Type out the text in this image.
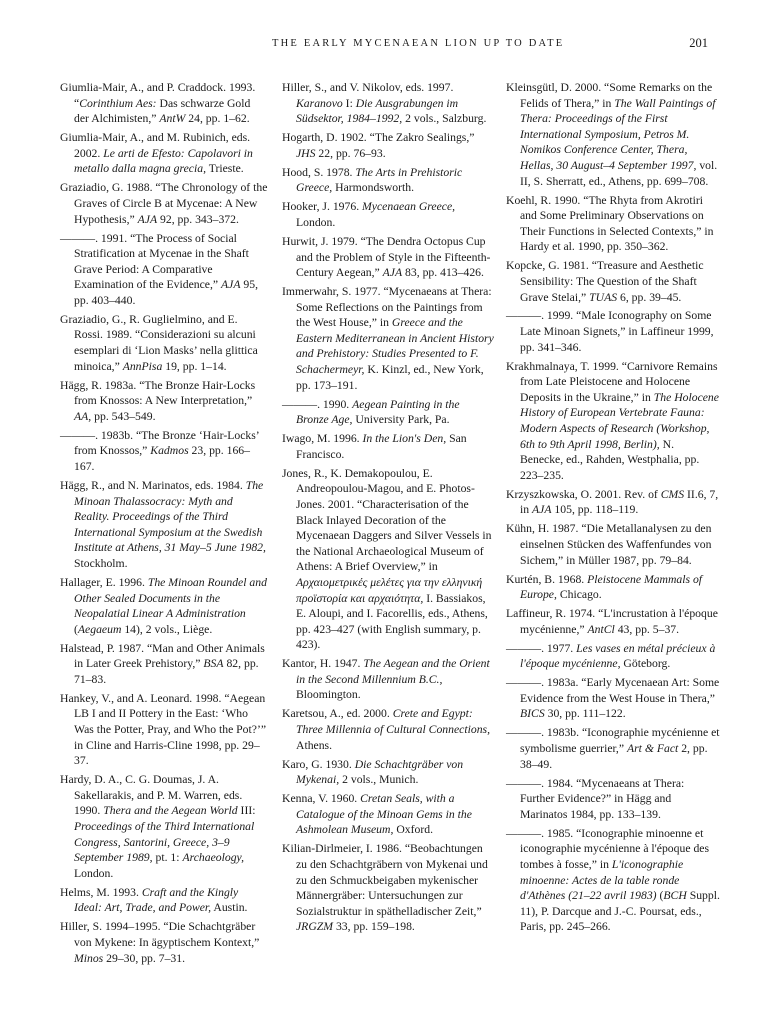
THE EARLY MYCENAEAN LION UP TO DATE	201

Giumlia-Mair, A., and P. Craddock. 1993. “Corinthium Aes: Das schwarze Gold der Alchimisten,” AntW 24, pp. 1–62.

Giumlia-Mair, A., and M. Rubinich, eds. 2002. Le arti de Efesto: Capolavori in metallo dalla magna grecia, Trieste.

Graziadio, G. 1988. “The Chronology of the Graves of Circle B at Mycenae: A New Hypothesis,” AJA 92, pp. 343–372.

———. 1991. “The Process of Social Stratification at Mycenae in the Shaft Grave Period: A Comparative Examination of the Evidence,” AJA 95, pp. 403–440.

Graziadio, G., R. Guglielmino, and E. Rossi. 1989. “Considerazioni su alcuni esemplari di ‘Lion Masks’ nella glittica minoica,” AnnPisa 19, pp. 1–14.

Hägg, R. 1983a. “The Bronze Hair-Locks from Knossos: A New Interpretation,” AA, pp. 543–549.

———. 1983b. “The Bronze ‘Hair-Locks’ from Knossos,” Kadmos 23, pp. 166–167.

Hägg, R., and N. Marinatos, eds. 1984. The Minoan Thalassocracy: Myth and Reality. Proceedings of the Third International Symposium at the Swedish Institute at Athens, 31 May–5 June 1982, Stockholm.

Hallager, E. 1996. The Minoan Roundel and Other Sealed Documents in the Neopalatial Linear A Administration (Aegaeum 14), 2 vols., Liège.

Halstead, P. 1987. “Man and Other Animals in Later Greek Prehistory,” BSA 82, pp. 71–83.

Hankey, V., and A. Leonard. 1998. “Aegean LB I and II Pottery in the East: ‘Who Was the Potter, Pray, and Who the Pot?’” in Cline and Harris-Cline 1998, pp. 29–37.

Hardy, D. A., C. G. Doumas, J. A. Sakellarakis, and P. M. Warren, eds. 1990. Thera and the Aegean World III: Proceedings of the Third International Congress, Santorini, Greece, 3–9 September 1989, pt. 1: Archaeology, London.

Helms, M. 1993. Craft and the Kingly Ideal: Art, Trade, and Power, Austin.

Hiller, S. 1994–1995. “Die Schachtgräber von Mykene: In ägyptischem Kontext,” Minos 29–30, pp. 7–31.

Hiller, S., and V. Nikolov, eds. 1997. Karanovo I: Die Ausgrabungen im Südsektor, 1984–1992, 2 vols., Salzburg.

Hogarth, D. 1902. “The Zakro Sealings,” JHS 22, pp. 76–93.

Hood, S. 1978. The Arts in Prehistoric Greece, Harmondsworth.

Hooker, J. 1976. Mycenaean Greece, London.

Hurwit, J. 1979. “The Dendra Octopus Cup and the Problem of Style in the Fifteenth-Century Aegean,” AJA 83, pp. 413–426.

Immerwahr, S. 1977. “Mycenaeans at Thera: Some Reflections on the Paintings from the West House,” in Greece and the Eastern Mediterranean in Ancient History and Prehistory: Studies Presented to F. Schachermeyr, K. Kinzl, ed., New York, pp. 173–191.

———. 1990. Aegean Painting in the Bronze Age, University Park, Pa.

Iwago, M. 1996. In the Lion's Den, San Francisco.

Jones, R., K. Demakopoulou, E. Andreopoulou-Magou, and E. Photos-Jones. 2001. “Characterisation of the Black Inlayed Decoration of the Mycenaean Daggers and Silver Vessels in the National Archaeological Museum of Athens: A Brief Overview,” in Αρχαιομετρικές μελέτες για την ελληνική προϊστορία και αρχαιότητα, I. Bassiakos, E. Aloupi, and I. Facorellis, eds., Athens, pp. 423–427 (with English summary, p. 423).

Kantor, H. 1947. The Aegean and the Orient in the Second Millennium B.C., Bloomington.

Karetsou, A., ed. 2000. Crete and Egypt: Three Millennia of Cultural Connections, Athens.

Karo, G. 1930. Die Schachtgräber von Mykenai, 2 vols., Munich.

Kenna, V. 1960. Cretan Seals, with a Catalogue of the Minoan Gems in the Ashmolean Museum, Oxford.

Kilian-Dirlmeier, I. 1986. “Beobachtungen zu den Schachtgräbern von Mykenai und zu den Schmuckbeigaben mykenischer Männergräber: Untersuchungen zur Sozialstruktur in späthelladischer Zeit,” JRGZM 33, pp. 159–198.

Kleinsgütl, D. 2000. “Some Remarks on the Felids of Thera,” in The Wall Paintings of Thera: Proceedings of the First International Symposium, Petros M. Nomikos Conference Center, Thera, Hellas, 30 August–4 September 1997, vol. II, S. Sherratt, ed., Athens, pp. 699–708.

Koehl, R. 1990. “The Rhyta from Akrotiri and Some Preliminary Observations on Their Functions in Selected Contexts,” in Hardy et al. 1990, pp. 350–362.

Kopcke, G. 1981. “Treasure and Aesthetic Sensibility: The Question of the Shaft Grave Stelai,” TUAS 6, pp. 39–45.

———. 1999. “Male Iconography on Some Late Minoan Signets,” in Laffineur 1999, pp. 341–346.

Krakhmalnaya, T. 1999. “Carnivore Remains from Late Pleistocene and Holocene Deposits in the Ukraine,” in The Holocene History of European Vertebrate Fauna: Modern Aspects of Research (Workshop, 6th to 9th April 1998, Berlin), N. Benecke, ed., Rahden, Westphalia, pp. 223–235.

Krzyszkowska, O. 2001. Rev. of CMS II.6, 7, in AJA 105, pp. 118–119.

Kühn, H. 1987. “Die Metallanalysen zu den einselnen Stücken des Waffenfundes von Sichem,” in Müller 1987, pp. 79–84.

Kurtén, B. 1968. Pleistocene Mammals of Europe, Chicago.

Laffineur, R. 1974. “L'incrustation à l'époque mycénienne,” AntCl 43, pp. 5–37.

———. 1977. Les vases en métal précieux à l'époque mycénienne, Göteborg.

———. 1983a. “Early Mycenaean Art: Some Evidence from the West House in Thera,” BICS 30, pp. 111–122.

———. 1983b. “Iconographie mycénienne et symbolisme guerrier,” Art & Fact 2, pp. 38–49.

———. 1984. “Mycenaeans at Thera: Further Evidence?” in Hägg and Marinatos 1984, pp. 133–139.

———. 1985. “Iconographie minoenne et iconographie mycénienne à l'époque des tombes à fosse,” in L'iconographie minoenne: Actes de la table ronde d'Athènes (21–22 avril 1983) (BCH Suppl. 11), P. Darcque and J.-C. Poursat, eds., Paris, pp. 245–266.
